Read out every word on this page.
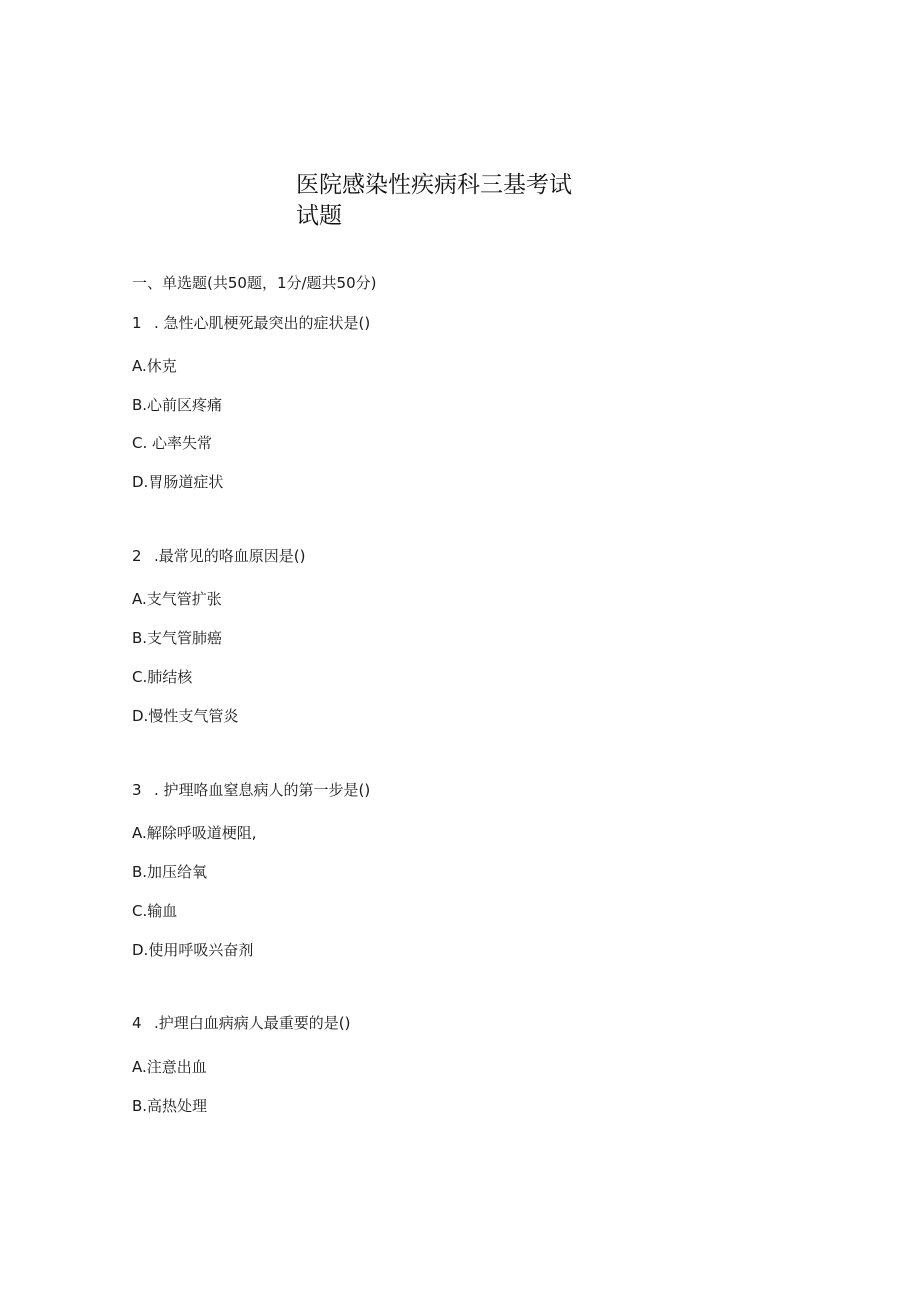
医院感染性疾病科三基考试
试题
一、单选题(共50题，1分/题共50分)
1 . 急性心肌梗死最突出的症状是()
A.休克
B.心前区疼痛
C. 心率失常
D.胃肠道症状
2 .最常见的咯血原因是()
A.支气管扩张
B.支气管肺癌
C.肺结核
D.慢性支气管炎
3 . 护理咯血窒息病人的第一步是()
A.解除呼吸道梗阻,
B.加压给氧
C.输血
D.使用呼吸兴奋剂
4 .护理白血病病人最重要的是()
A.注意出血
B.高热处理
